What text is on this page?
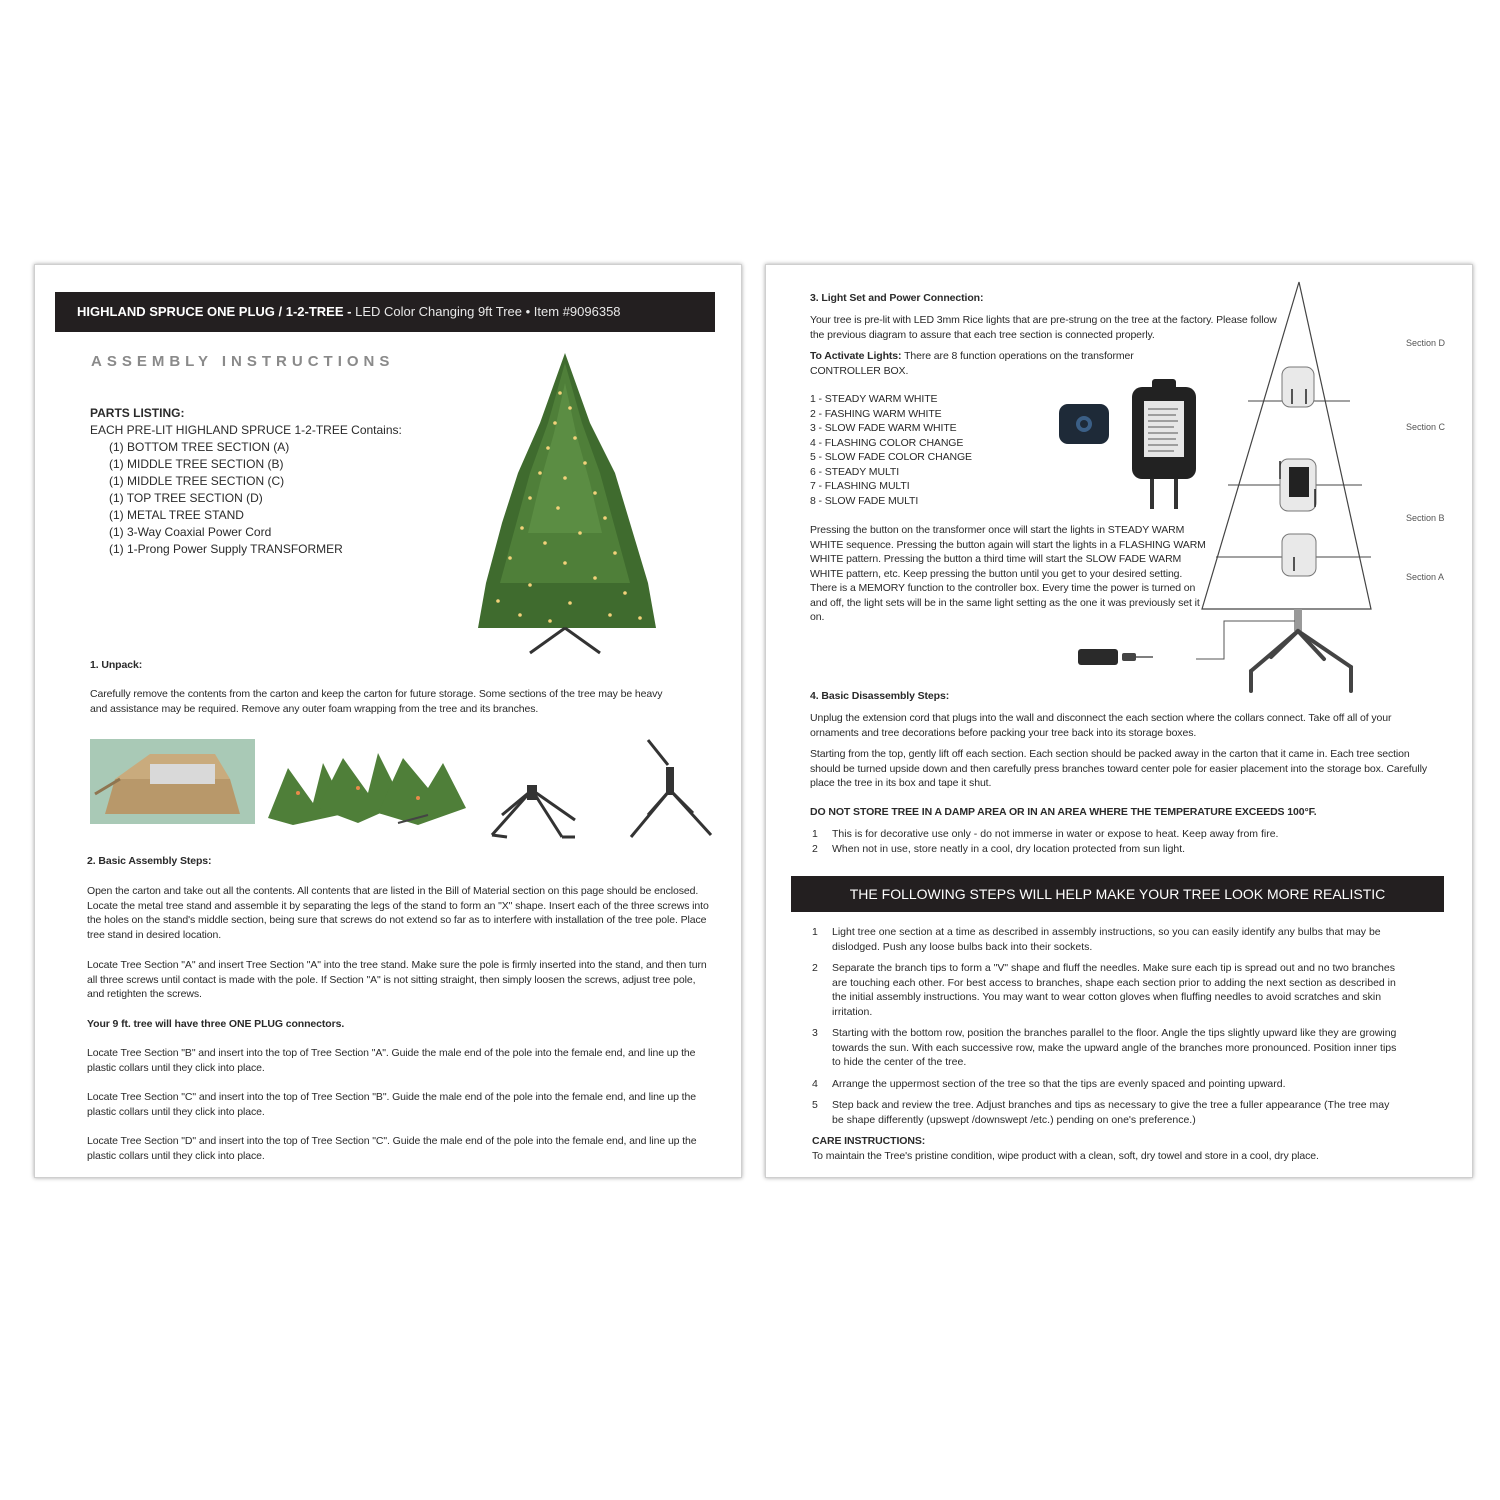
HIGHLAND SPRUCE ONE PLUG / 1-2-TREE - LED Color Changing 9ft Tree • Item #9096358
ASSEMBLY INSTRUCTIONS
PARTS LISTING:
EACH PRE-LIT HIGHLAND SPRUCE 1-2-TREE Contains:
(1) BOTTOM TREE SECTION (A)
(1) MIDDLE TREE SECTION (B)
(1) MIDDLE TREE SECTION (C)
(1) TOP TREE SECTION (D)
(1) METAL TREE STAND
(1) 3-Way Coaxial Power Cord
(1) 1-Prong Power Supply TRANSFORMER
1. Unpack:
Carefully remove the contents from the carton and keep the carton for future storage. Some sections of the tree may be heavy and assistance may be required. Remove any outer foam wrapping from the tree and its branches.
2. Basic Assembly Steps:
Open the carton and take out all the contents. All contents that are listed in the Bill of Material section on this page should be enclosed. Locate the metal tree stand and assemble it by separating the legs of the stand to form an "X" shape. Insert each of the three screws into the holes on the stand's middle section, being sure that screws do not extend so far as to interfere with installation of the tree pole. Place tree stand in desired location.
Locate Tree Section "A" and insert Tree Section "A" into the tree stand. Make sure the pole is firmly inserted into the stand, and then turn all three screws until contact is made with the pole. If Section "A" is not sitting straight, then simply loosen the screws, adjust tree pole, and retighten the screws.
Your 9 ft. tree will have three ONE PLUG connectors.
Locate Tree Section "B" and insert into the top of Tree Section "A". Guide the male end of the pole into the female end, and line up the plastic collars until they click into place.
Locate Tree Section "C" and insert into the top of Tree Section "B". Guide the male end of the pole into the female end, and line up the plastic collars until they click into place.
Locate Tree Section "D" and insert into the top of Tree Section "C". Guide the male end of the pole into the female end, and line up the plastic collars until they click into place.
3. Light Set and Power Connection:
Your tree is pre-lit with LED 3mm Rice lights that are pre-strung on the tree at the factory. Please follow the previous diagram to assure that each tree section is connected properly.
To Activate Lights: There are 8 function operations on the transformer CONTROLLER BOX.
1 - STEADY WARM WHITE
2 - FASHING WARM WHITE
3 - SLOW FADE WARM WHITE
4 - FLASHING COLOR CHANGE
5 - SLOW FADE COLOR CHANGE
6 - STEADY MULTI
7 - FLASHING MULTI
8 - SLOW FADE MULTI
Pressing the button on the transformer once will start the lights in STEADY WARM WHITE sequence. Pressing the button again will start the lights in a FLASHING WARM WHITE pattern. Pressing the button a third time will start the SLOW FADE WARM WHITE pattern, etc. Keep pressing the button until you get to your desired setting. There is a MEMORY function to the controller box. Every time the power is turned on and off, the light sets will be in the same light setting as the one it was previously set it on.
Section D
Section C
Section B
Section A
4. Basic Disassembly Steps:
Unplug the extension cord that plugs into the wall and disconnect the each section where the collars connect. Take off all of your ornaments and tree decorations before packing your tree back into its storage boxes.
Starting from the top, gently lift off each section. Each section should be packed away in the carton that it came in. Each tree section should be turned upside down and then carefully press branches toward center pole for easier placement into the storage box. Carefully place the tree in its box and tape it shut.
DO NOT STORE TREE IN A DAMP AREA OR IN AN AREA WHERE THE TEMPERATURE EXCEEDS 100°F.
1	This is for decorative use only - do not immerse in water or expose to heat. Keep away from fire.
2	When not in use, store neatly in a cool, dry location protected from sun light.
THE FOLLOWING STEPS WILL HELP MAKE YOUR TREE LOOK MORE REALISTIC
1	Light tree one section at a time as described in assembly instructions, so you can easily identify any bulbs that may be dislodged. Push any loose bulbs back into their sockets.
2	Separate the branch tips to form a "V" shape and fluff the needles. Make sure each tip is spread out and no two branches are touching each other. For best access to branches, shape each section prior to adding the next section as described in the initial assembly instructions. You may want to wear cotton gloves when fluffing needles to avoid scratches and skin irritation.
3	Starting with the bottom row, position the branches parallel to the floor. Angle the tips slightly upward like they are growing towards the sun. With each successive row, make the upward angle of the branches more pronounced. Position inner tips to hide the center of the tree.
4	Arrange the uppermost section of the tree so that the tips are evenly spaced and pointing upward.
5	Step back and review the tree. Adjust branches and tips as necessary to give the tree a fuller appearance (The tree may be shape differently (upswept /downswept /etc.) pending on one's preference.)
CARE INSTRUCTIONS:
To maintain the Tree's pristine condition, wipe product with a clean, soft, dry towel and store in a cool, dry place.
